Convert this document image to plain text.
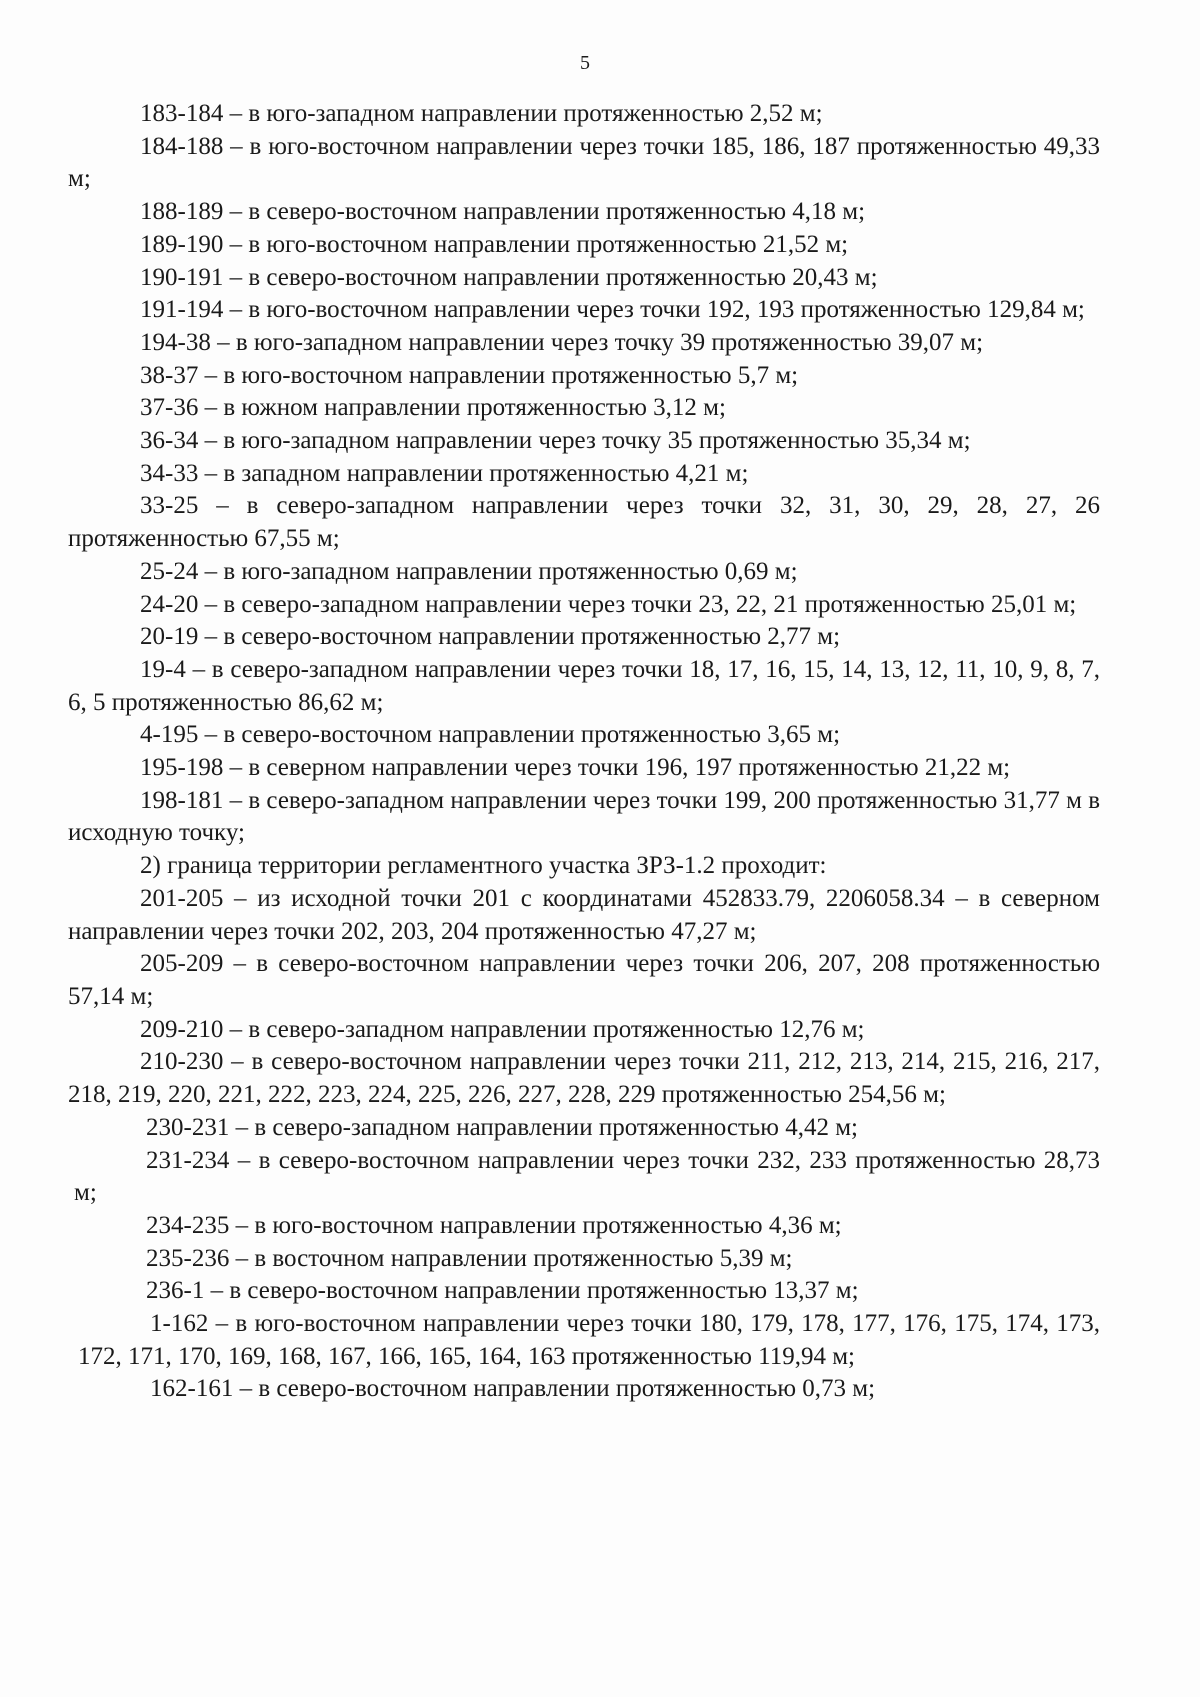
5

183-184 – в юго-западном направлении протяженностью 2,52 м;

184-188 – в юго-восточном направлении через точки 185, 186, 187 протяженностью 49,33 м;

188-189 – в северо-восточном направлении протяженностью 4,18 м;

189-190 – в юго-восточном направлении протяженностью 21,52 м;

190-191 – в северо-восточном направлении протяженностью 20,43 м;

191-194 – в юго-восточном направлении через точки 192, 193 протяженностью 129,84 м;

194-38 – в юго-западном направлении через точку 39 протяженностью 39,07 м;

38-37 – в юго-восточном направлении протяженностью 5,7 м;

37-36 – в южном направлении протяженностью 3,12 м;

36-34 – в юго-западном направлении через точку 35 протяженностью 35,34 м;

34-33 – в западном направлении протяженностью 4,21 м;

33-25 – в северо-западном направлении через точки 32, 31, 30, 29, 28, 27, 26 протяженностью 67,55 м;

25-24 – в юго-западном направлении протяженностью 0,69 м;

24-20 – в северо-западном направлении через точки 23, 22, 21 протяженностью 25,01 м;

20-19 – в северо-восточном направлении протяженностью 2,77 м;

19-4 – в северо-западном направлении через точки 18, 17, 16, 15, 14, 13, 12, 11, 10, 9, 8, 7, 6, 5 протяженностью 86,62 м;

4-195 – в северо-восточном направлении протяженностью 3,65 м;

195-198 – в северном направлении через точки 196, 197 протяженностью 21,22 м;

198-181 – в северо-западном направлении через точки 199, 200 протяженностью 31,77 м в исходную точку;

2) граница территории регламентного участка ЗРЗ-1.2 проходит:

201-205 – из исходной точки 201 с координатами 452833.79, 2206058.34 – в северном направлении через точки 202, 203, 204 протяженностью 47,27 м;

205-209 – в северо-восточном направлении через точки 206, 207, 208 протяженностью 57,14 м;

209-210 – в северо-западном направлении протяженностью 12,76 м;

210-230 – в северо-восточном направлении через точки 211, 212, 213, 214, 215, 216, 217, 218, 219, 220, 221, 222, 223, 224, 225, 226, 227, 228, 229 протяженностью 254,56 м;

230-231 – в северо-западном направлении протяженностью 4,42 м;

231-234 – в северо-восточном направлении через точки 232, 233 протяженностью 28,73 м;

234-235 – в юго-восточном направлении протяженностью 4,36 м;

235-236 – в восточном направлении протяженностью 5,39 м;

236-1 – в северо-восточном направлении протяженностью 13,37 м;

1-162 – в юго-восточном направлении через точки 180, 179, 178, 177, 176, 175, 174, 173, 172, 171, 170, 169, 168, 167, 166, 165, 164, 163 протяженностью 119,94 м;

162-161 – в северо-восточном направлении протяженностью 0,73 м;
